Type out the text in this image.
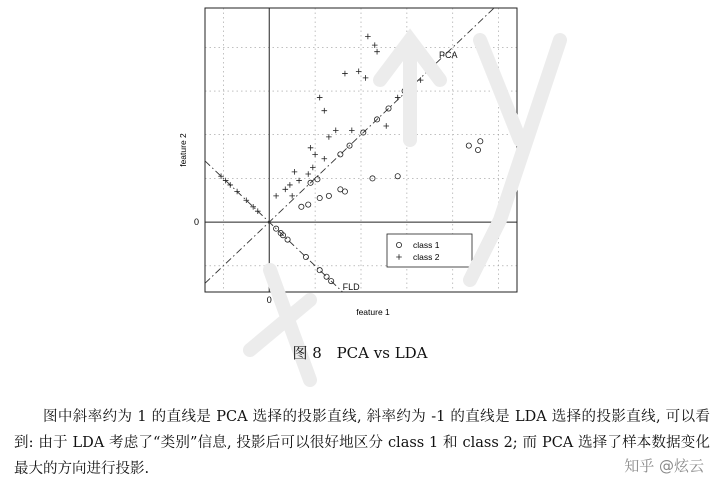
PCA
FLD
0
0
feature 1
feature 2
class 1
class 2
图 8 PCA vs LDA

图中斜率约为 1 的直线是 PCA 选择的投影直线, 斜率约为 -1 的直线是 LDA 选择的投影直线, 可以看到: 由于 LDA 考虑了“类别”信息, 投影后可以很好地区分 class 1 和 class 2; 而 PCA 选择了样本数据变化最大的方向进行投影.	知乎 @炫云
